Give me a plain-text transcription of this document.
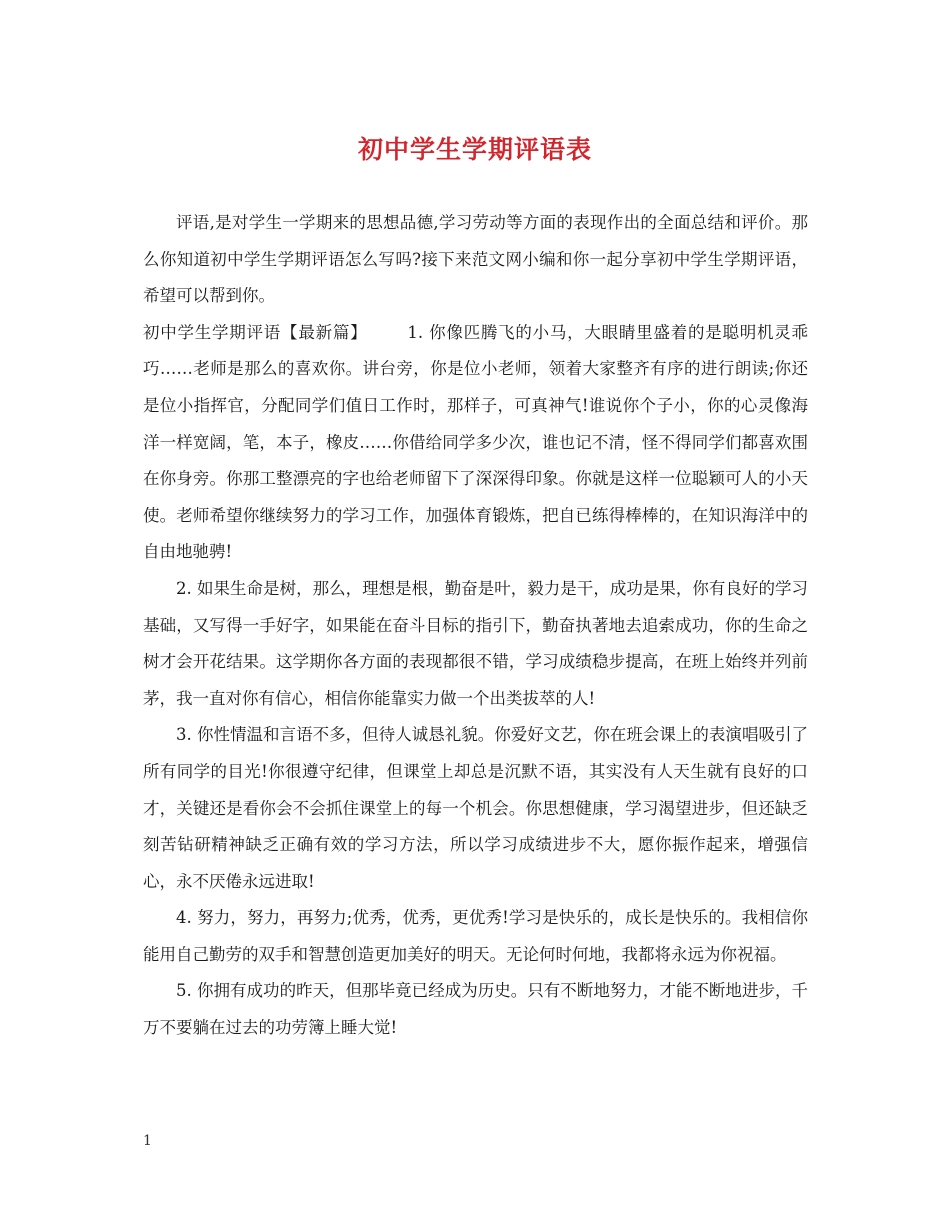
初中学生学期评语表

评语,是对学生一学期来的思想品德,学习劳动等方面的表现作出的全面总结和评价。那么你知道初中学生学期评语怎么写吗?接下来范文网小编和你一起分享初中学生学期评语，希望可以帮到你。

初中学生学期评语【最新篇】 1. 你像匹腾飞的小马，大眼睛里盛着的是聪明机灵乖巧……老师是那么的喜欢你。讲台旁，你是位小老师，领着大家整齐有序的进行朗读;你还是位小指挥官，分配同学们值日工作时，那样子，可真神气!谁说你个子小，你的心灵像海洋一样宽阔，笔，本子，橡皮……你借给同学多少次，谁也记不清，怪不得同学们都喜欢围在你身旁。你那工整漂亮的字也给老师留下了深深得印象。你就是这样一位聪颖可人的小天使。老师希望你继续努力的学习工作，加强体育锻炼，把自已练得棒棒的，在知识海洋中的自由地驰骋!

2. 如果生命是树，那么，理想是根，勤奋是叶，毅力是干，成功是果，你有良好的学习基础，又写得一手好字，如果能在奋斗目标的指引下，勤奋执著地去追索成功，你的生命之树才会开花结果。这学期你各方面的表现都很不错，学习成绩稳步提高，在班上始终并列前茅，我一直对你有信心，相信你能靠实力做一个出类拔萃的人!

3. 你性情温和言语不多，但待人诚恳礼貌。你爱好文艺，你在班会课上的表演唱吸引了所有同学的目光!你很遵守纪律，但课堂上却总是沉默不语，其实没有人天生就有良好的口才，关键还是看你会不会抓住课堂上的每一个机会。你思想健康，学习渴望进步，但还缺乏刻苦钻研精神缺乏正确有效的学习方法，所以学习成绩进步不大，愿你振作起来，增强信心，永不厌倦永远进取!

4. 努力，努力，再努力;优秀，优秀，更优秀!学习是快乐的，成长是快乐的。我相信你能用自己勤劳的双手和智慧创造更加美好的明天。无论何时何地，我都将永远为你祝福。

5. 你拥有成功的昨天，但那毕竟已经成为历史。只有不断地努力，才能不断地进步，千万不要躺在过去的功劳簿上睡大觉!

1
